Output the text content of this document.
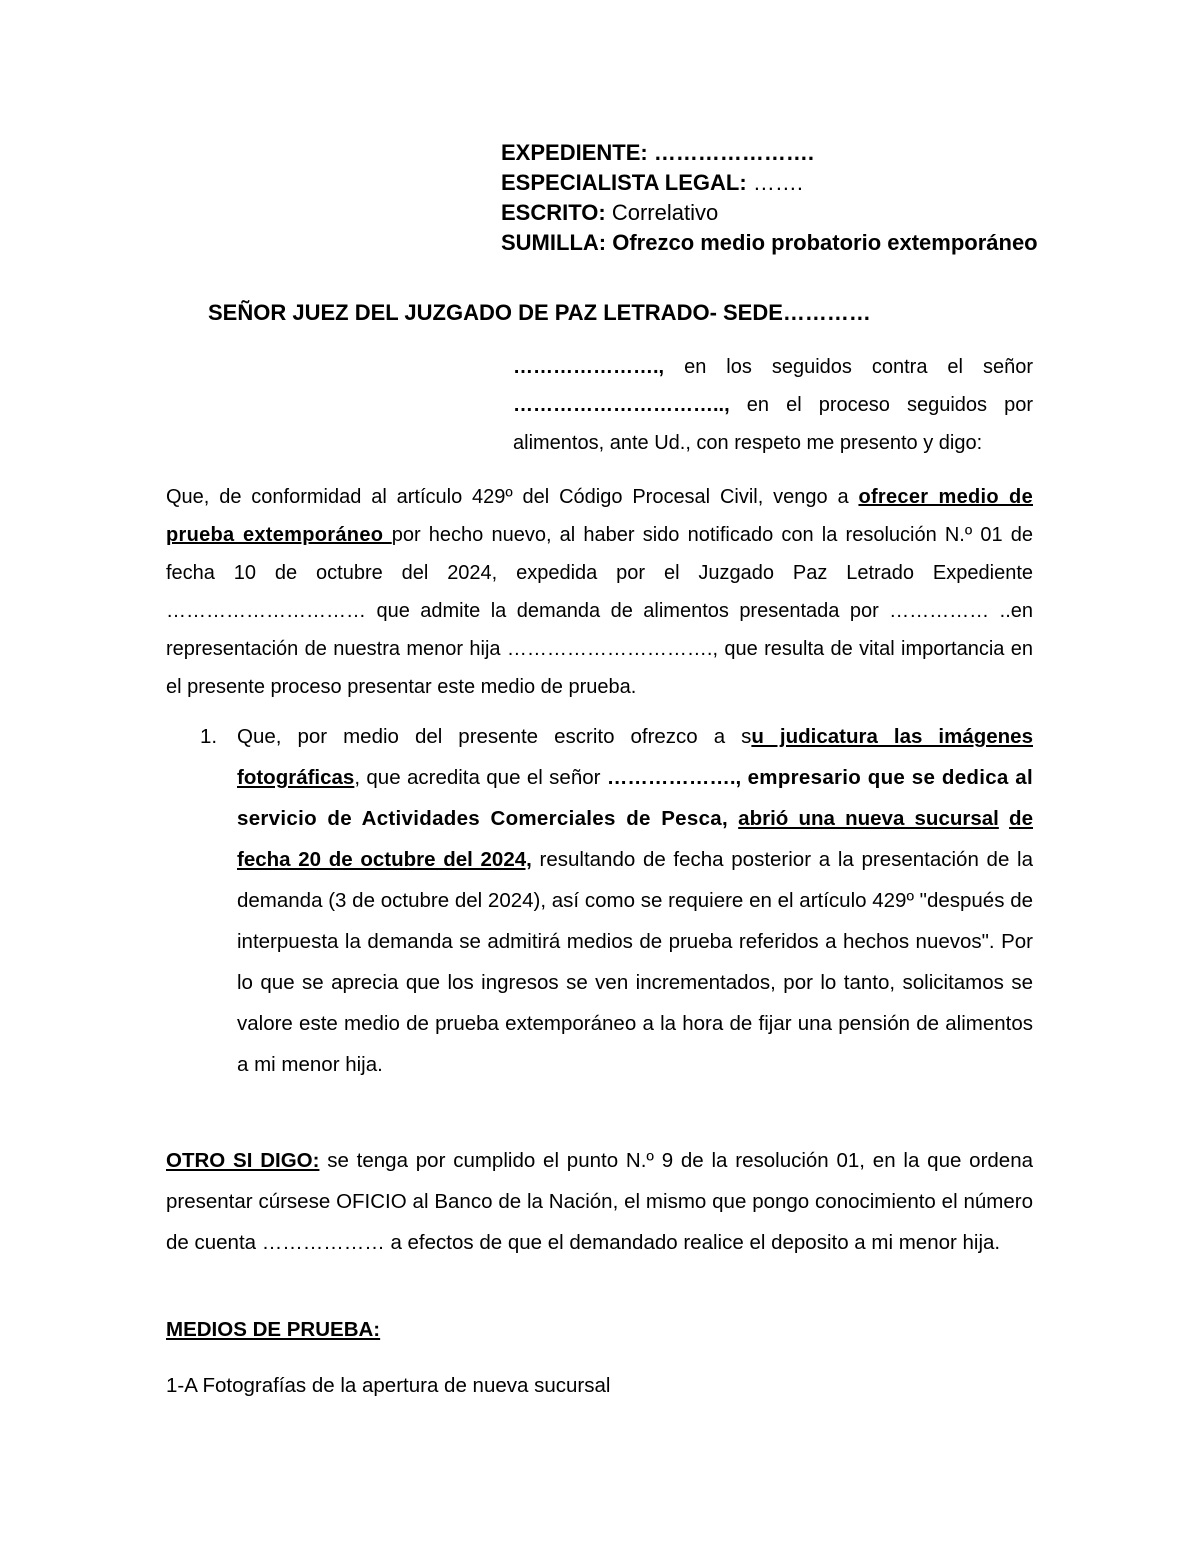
EXPEDIENTE: ………………….
ESPECIALISTA LEGAL: …….
ESCRITO: Correlativo
SUMILLA: Ofrezco medio probatorio extemporáneo
SEÑOR JUEZ DEL JUZGADO DE PAZ LETRADO- SEDE…………
…………………., en los seguidos contra el señor
………………………….., en el proceso seguidos por
alimentos, ante Ud., con respeto me presento y digo:

Que, de conformidad al artículo 429º del Código Procesal Civil, vengo a ofrecer medio de prueba extemporáneo por hecho nuevo, al haber sido notificado con la resolución N.º 01 de fecha 10 de octubre del 2024, expedida por el Juzgado Paz Letrado Expediente ………………………… que admite la demanda de alimentos presentada por …………… ..en representación de nuestra menor hija …………………………., que resulta de vital importancia en el presente proceso presentar este medio de prueba.

1. Que, por medio del presente escrito ofrezco a su judicatura las imágenes fotográficas, que acredita que el señor ………………., empresario que se dedica al servicio de Actividades Comerciales de Pesca, abrió una nueva sucursal de fecha 20 de octubre del 2024, resultando de fecha posterior a la presentación de la demanda (3 de octubre del 2024), así como se requiere en el artículo 429º "después de interpuesta la demanda se admitirá medios de prueba referidos a hechos nuevos". Por lo que se aprecia que los ingresos se ven incrementados, por lo tanto, solicitamos se valore este medio de prueba extemporáneo a la hora de fijar una pensión de alimentos a mi menor hija.

OTRO SI DIGO: se tenga por cumplido el punto N.º 9 de la resolución 01, en la que ordena presentar cúrsese OFICIO al Banco de la Nación, el mismo que pongo conocimiento el número de cuenta ……………… a efectos de que el demandado realice el deposito a mi menor hija.

MEDIOS DE PRUEBA:
1-A Fotografías de la apertura de nueva sucursal
